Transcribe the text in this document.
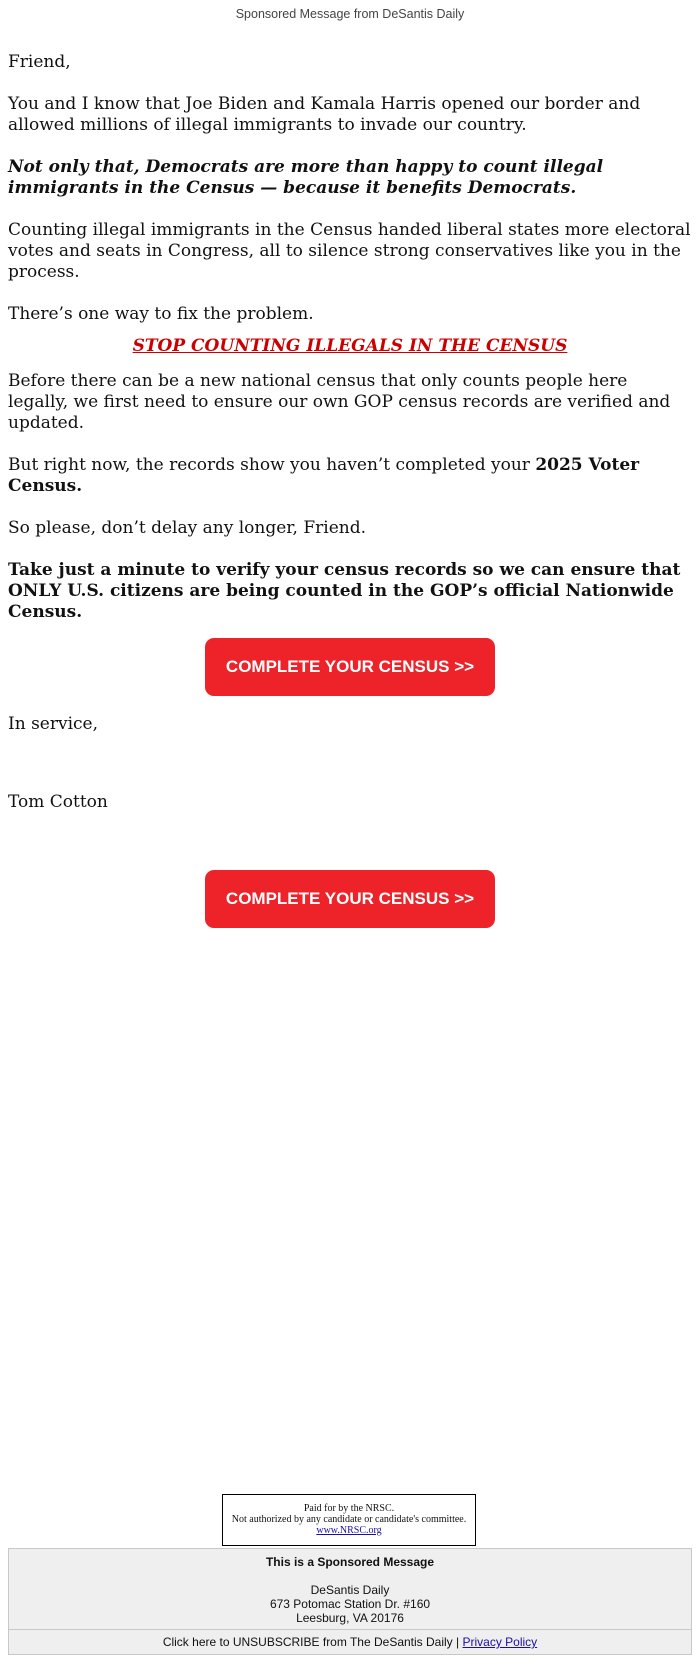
Sponsored Message from DeSantis Daily

Friend,

You and I know that Joe Biden and Kamala Harris opened our border and allowed millions of illegal immigrants to invade our country.

Not only that, Democrats are more than happy to count illegal immigrants in the Census — because it benefits Democrats.

Counting illegal immigrants in the Census handed liberal states more electoral votes and seats in Congress, all to silence strong conservatives like you in the process.

There’s one way to fix the problem.

STOP COUNTING ILLEGALS IN THE CENSUS

Before there can be a new national census that only counts people here legally, we first need to ensure our own GOP census records are verified and updated.

But right now, the records show you haven’t completed your 2025 Voter Census.

So please, don’t delay any longer, Friend.

Take just a minute to verify your census records so we can ensure that ONLY U.S. citizens are being counted in the GOP’s official Nationwide Census.

COMPLETE YOUR CENSUS >>

In service,

Tom Cotton

COMPLETE YOUR CENSUS >>
Paid for by the NRSC.
Not authorized by any candidate or candidate's committee.
www.NRSC.org
This is a Sponsored Message
DeSantis Daily
673 Potomac Station Dr. #160
Leesburg, VA 20176
Click here to UNSUBSCRIBE from The DeSantis Daily | Privacy Policy
